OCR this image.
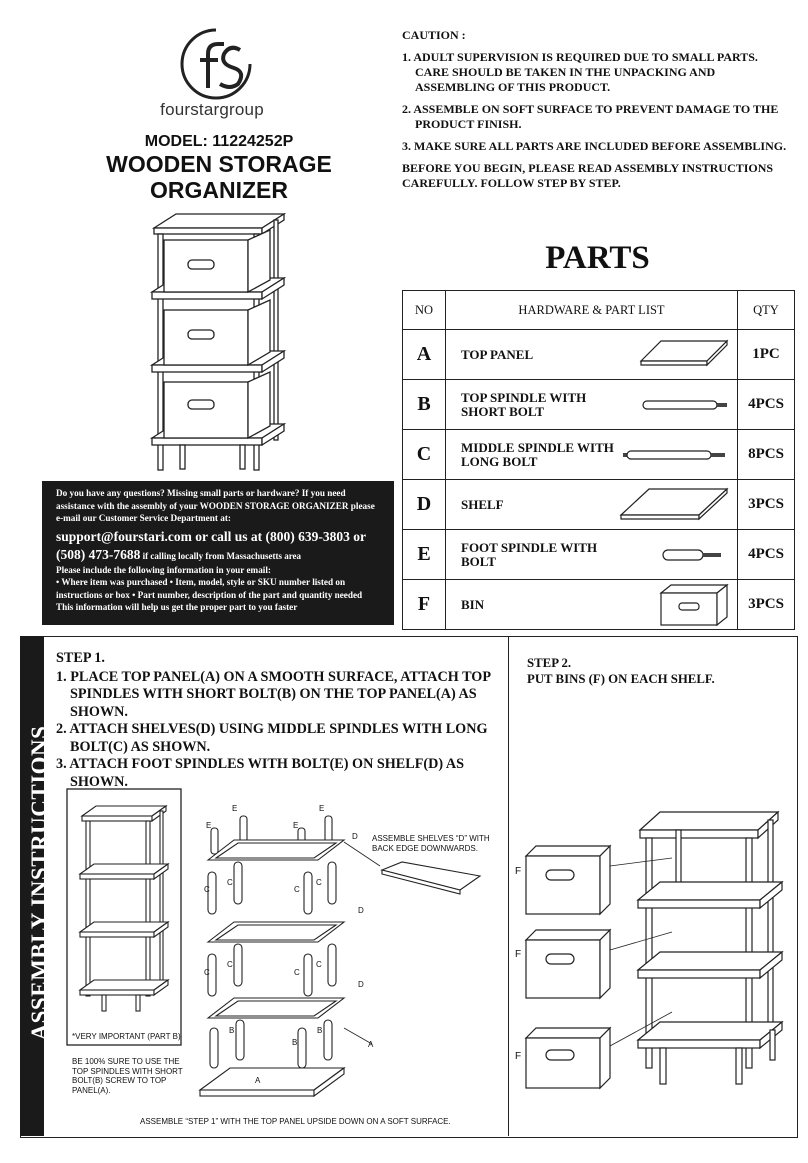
fourstargroup
MODEL: 11224252P
WOODEN STORAGE
ORGANIZER
CAUTION :
1. ADULT SUPERVISION IS REQUIRED DUE TO SMALL PARTS. CARE SHOULD BE TAKEN IN THE UNPACKING AND ASSEMBLING OF THIS PRODUCT.
2. ASSEMBLE ON SOFT SURFACE TO PREVENT DAMAGE TO THE PRODUCT FINISH.
3. MAKE SURE ALL PARTS ARE INCLUDED BEFORE ASSEMBLING.
BEFORE YOU BEGIN, PLEASE READ ASSEMBLY INSTRUCTIONS CAREFULLY. FOLLOW STEP BY STEP.
PARTS
NO	HARDWARE & PART LIST	QTY
A	TOP PANEL	1PC
B	TOP SPINDLE WITH SHORT BOLT	4PCS
C	MIDDLE SPINDLE WITH LONG BOLT	8PCS
D	SHELF	3PCS
E	FOOT SPINDLE WITH BOLT	4PCS
F	BIN	3PCS
Do you have any questions? Missing small parts or hardware? If you need assistance with the assembly of your WOODEN STORAGE ORGANIZER please e-mail our Customer Service Department at:
support@fourstari.com or call us at (800) 639-3803 or
(508) 473-7688 if calling locally from Massachusetts area
Please include the following information in your email:
• Where item was purchased • Item, model, style or SKU number listed on instructions or box • Part number, description of the part and quantity needed
This information will help us get the proper part to you faster
ASSEMBLY INSTRUCTIONS
STEP 1.
1. PLACE TOP PANEL(A) ON A SMOOTH SURFACE, ATTACH TOP SPINDLES WITH SHORT BOLT(B) ON THE TOP PANEL(A) AS SHOWN.
2. ATTACH SHELVES(D) USING MIDDLE SPINDLES WITH LONG BOLT(C) AS SHOWN.
3. ATTACH FOOT SPINDLES WITH BOLT(E) ON SHELF(D) AS SHOWN.
STEP 2.
PUT BINS (F) ON EACH SHELF.
E
E	E
E
D
C
C
C
C
D
C
C
C
C
D
B
B
B
A
A
ASSEMBLE SHELVES “D” WITH BACK EDGE DOWNWARDS.
*VERY IMPORTANT (PART B)
BE 100% SURE TO USE THE TOP SPINDLES WITH SHORT BOLT(B) SCREW TO TOP PANEL(A).
ASSEMBLE “STEP 1” WITH THE TOP PANEL UPSIDE DOWN ON A SOFT SURFACE.
F
F
F
